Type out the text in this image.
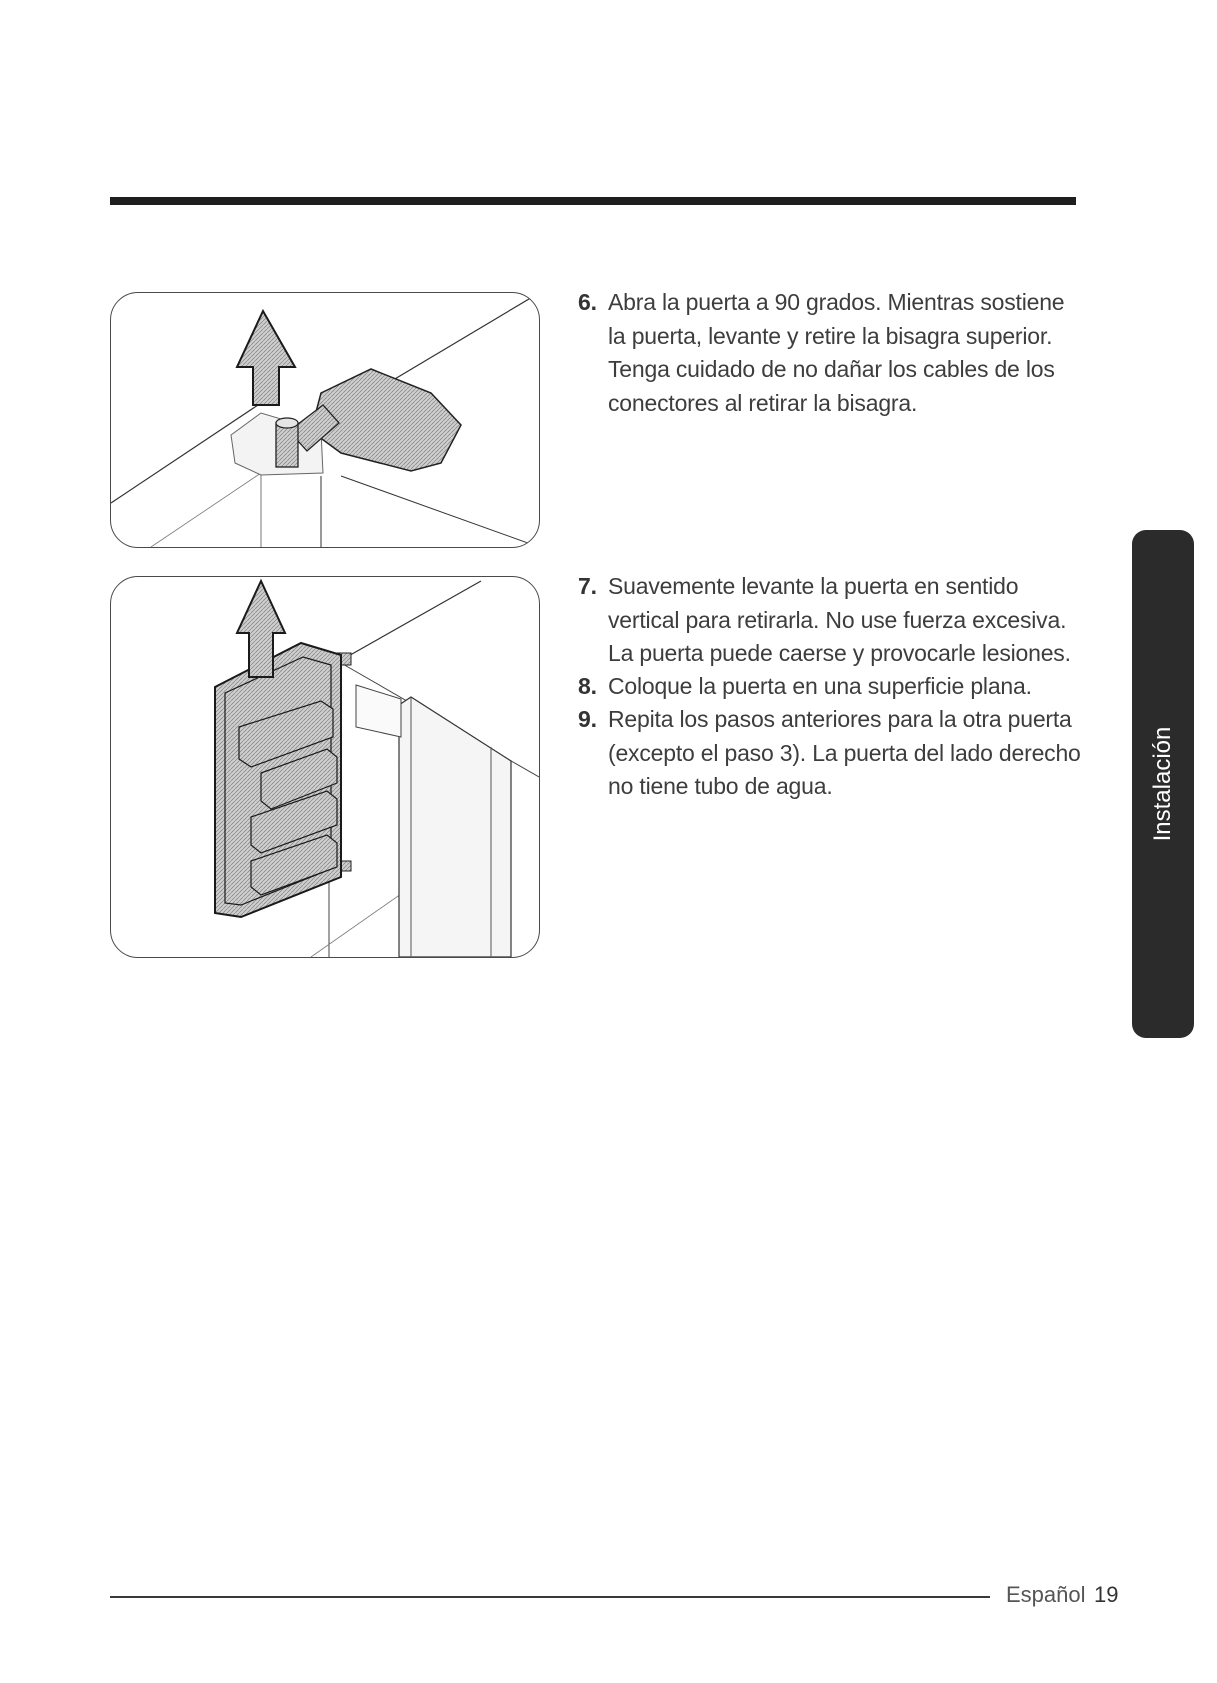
6. Abra la puerta a 90 grados. Mientras sostiene la puerta, levante y retire la bisagra superior. Tenga cuidado de no dañar los cables de los conectores al retirar la bisagra.
7. Suavemente levante la puerta en sentido vertical para retirarla. No use fuerza excesiva. La puerta puede caerse y provocarle lesiones.
8. Coloque la puerta en una superficie plana.
9. Repita los pasos anteriores para la otra puerta (excepto el paso 3). La puerta del lado derecho no tiene tubo de agua.	Instalación
Español 19
